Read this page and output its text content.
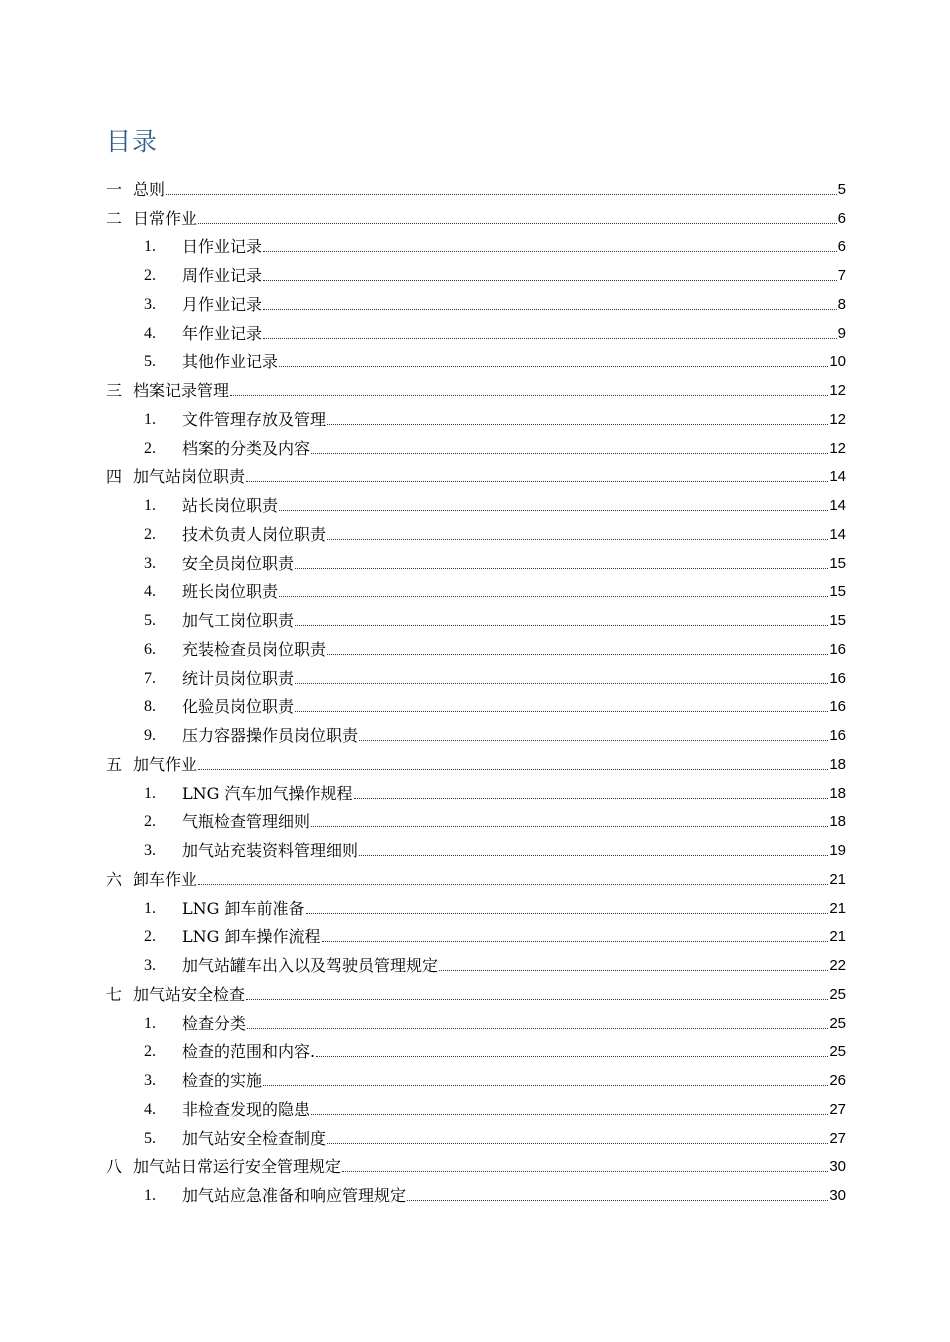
目录
一 总则	5
二 日常作业	6
1.	日作业记录	6
2.	周作业记录	7
3.	月作业记录	8
4.	年作业记录	9
5.	其他作业记录	10
三 档案记录管理	12
1.	文件管理存放及管理	12
2.	档案的分类及内容	12
四 加气站岗位职责	14
1.	站长岗位职责	14
2.	技术负责人岗位职责	14
3.	安全员岗位职责	15
4.	班长岗位职责	15
5.	加气工岗位职责	15
6.	充装检查员岗位职责	16
7.	统计员岗位职责	16
8.	化验员岗位职责	16
9.	压力容器操作员岗位职责	16
五 加气作业	18
1.	LNG 汽车加气操作规程	18
2.	气瓶检查管理细则	18
3.	加气站充装资料管理细则	19
六 卸车作业	21
1.	LNG 卸车前准备	21
2.	LNG 卸车操作流程	21
3.	加气站罐车出入以及驾驶员管理规定	22
七 加气站安全检查	25
1.	检查分类	25
2.	检查的范围和内容.	25
3.	检查的实施	26
4.	非检查发现的隐患	27
5.	加气站安全检查制度	27
八 加气站日常运行安全管理规定	30
1.	加气站应急准备和响应管理规定	30
